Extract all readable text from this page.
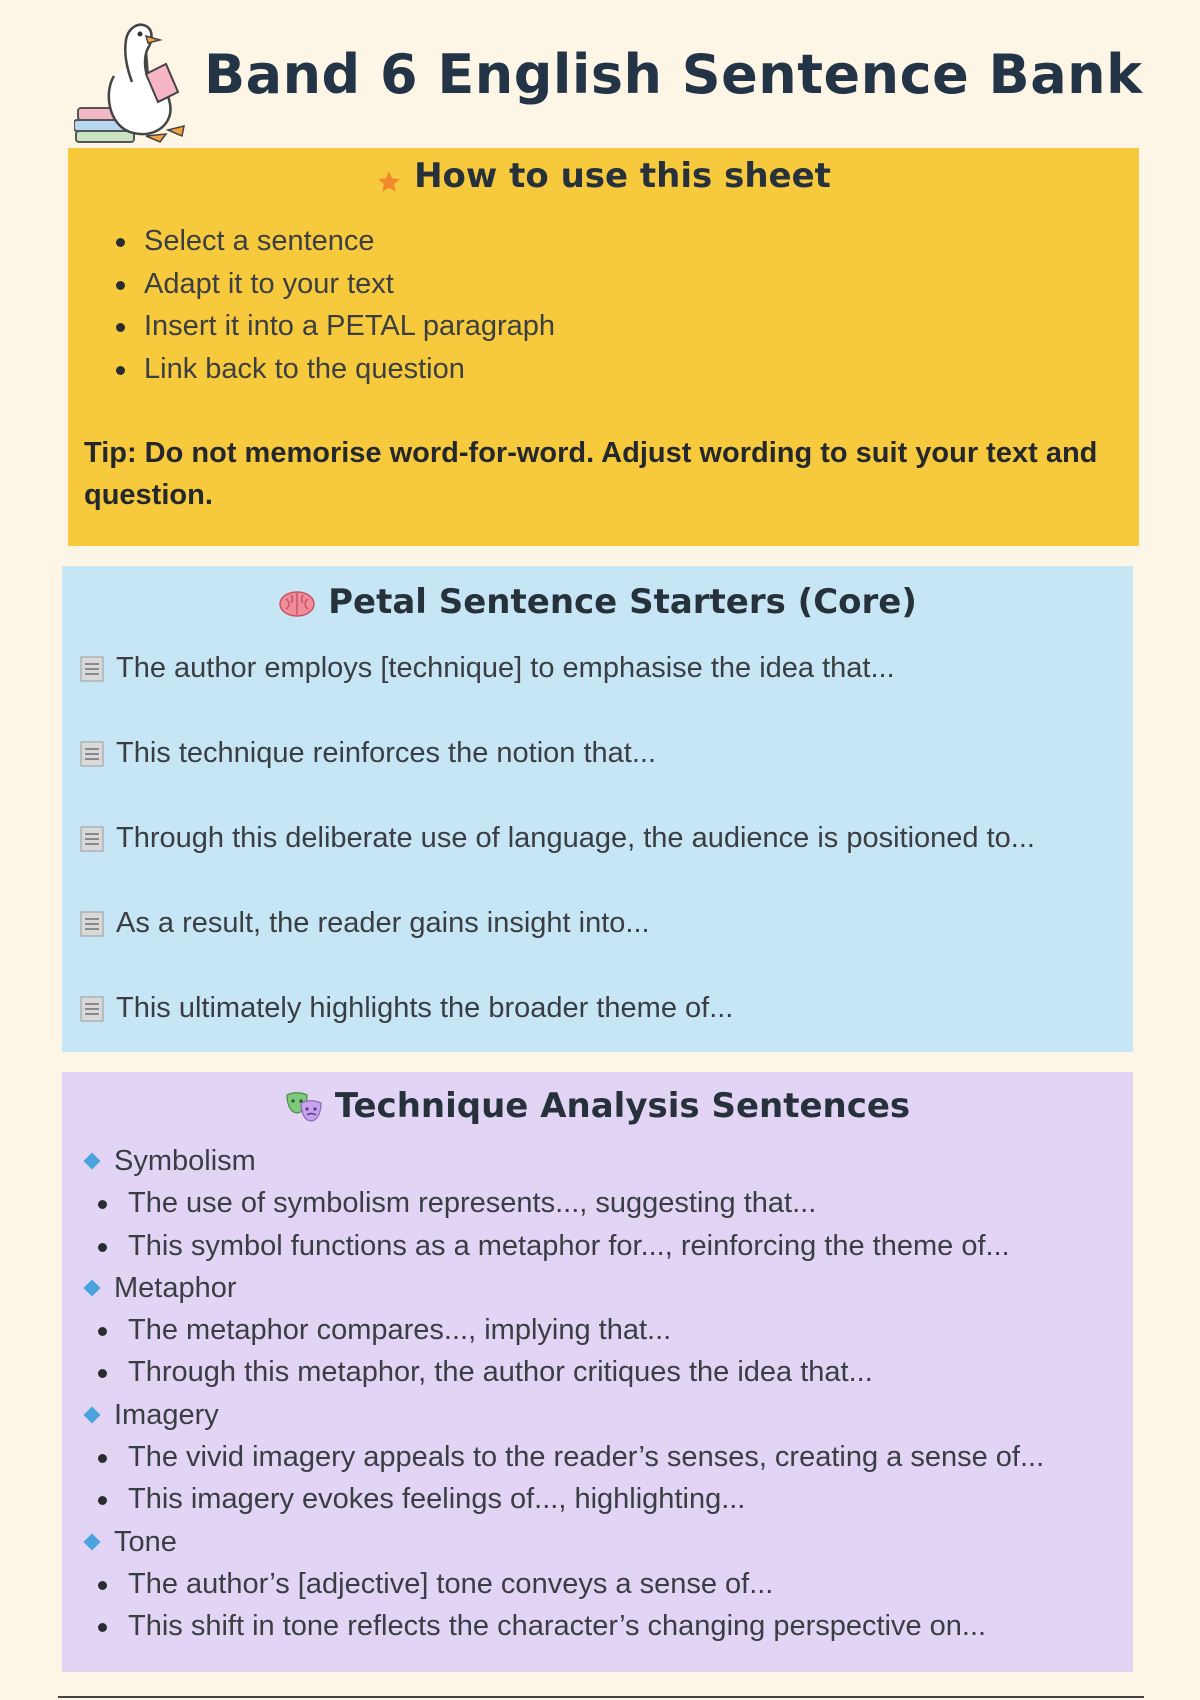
Band 6 English Sentence Bank
How to use this sheet
Select a sentence
Adapt it to your text
Insert it into a PETAL paragraph
Link back to the question
Tip: Do not memorise word-for-word. Adjust wording to suit your text and question.
Petal Sentence Starters (Core)
The author employs [technique] to emphasise the idea that...
This technique reinforces the notion that...
Through this deliberate use of language, the audience is positioned to...
As a result, the reader gains insight into...
This ultimately highlights the broader theme of...
Technique Analysis Sentences
Symbolism
The use of symbolism represents..., suggesting that...
This symbol functions as a metaphor for..., reinforcing the theme of...
Metaphor
The metaphor compares..., implying that...
Through this metaphor, the author critiques the idea that...
Imagery
The vivid imagery appeals to the reader’s senses, creating a sense of...
This imagery evokes feelings of..., highlighting...
Tone
The author’s [adjective] tone conveys a sense of...
This shift in tone reflects the character’s changing perspective on...
